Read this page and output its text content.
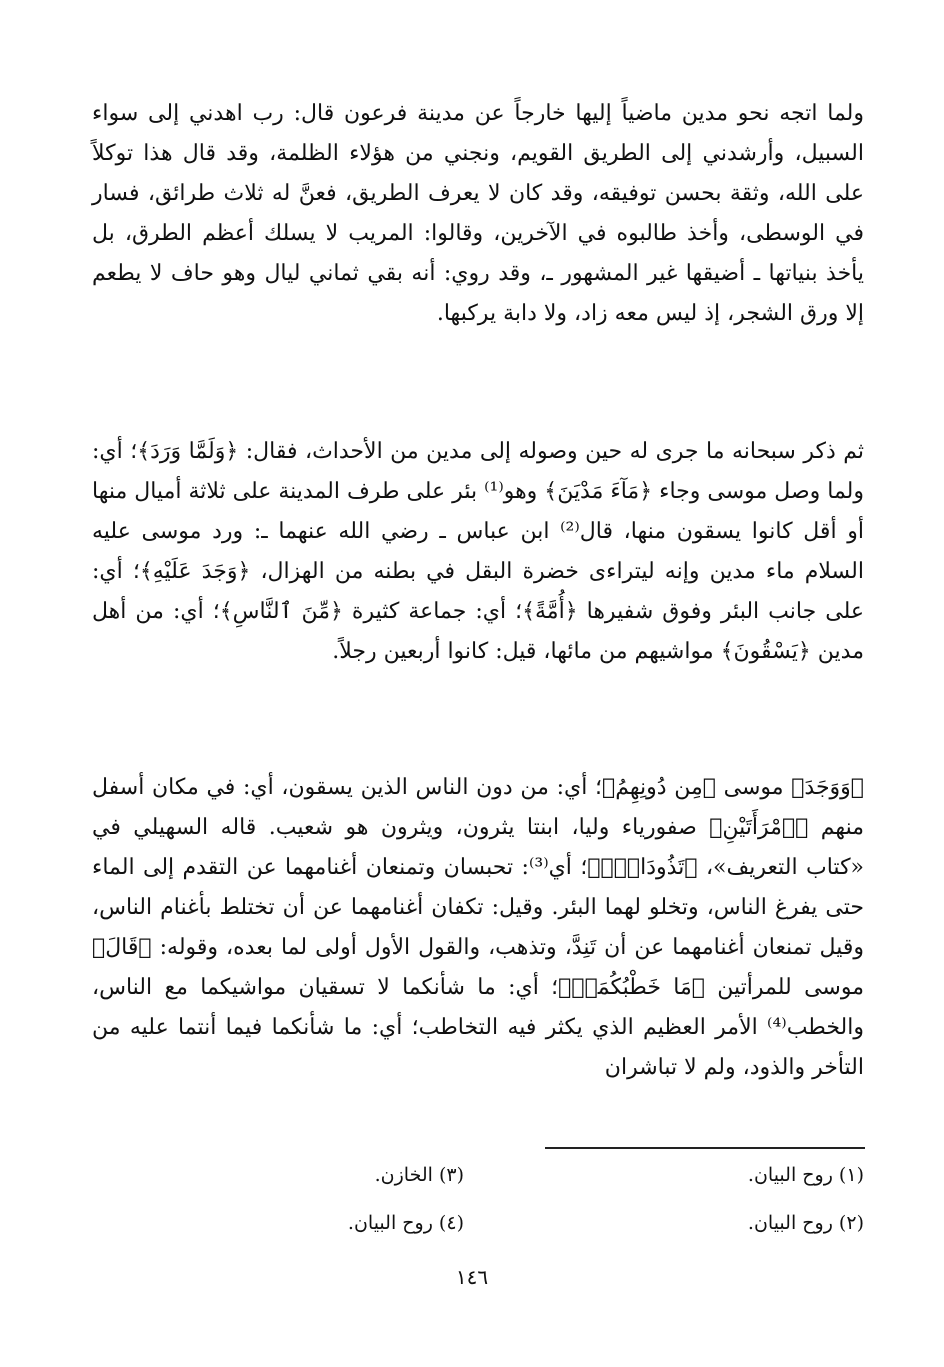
ولما اتجه نحو مدين ماضياً إليها خارجاً عن مدينة فرعون قال: رب اهدني إلى سواء السبيل، وأرشدني إلى الطريق القويم، ونجني من هؤلاء الظلمة، وقد قال هذا توكلاً على الله، وثقة بحسن توفيقه، وقد كان لا يعرف الطريق، فعنَّ له ثلاث طرائق، فسار في الوسطى، وأخذ طالبوه في الآخرين، وقالوا: المريب لا يسلك أعظم الطرق، بل يأخذ بنياتها ـ أضيقها غير المشهور ـ، وقد روي: أنه بقي ثماني ليال وهو حاف لا يطعم إلا ورق الشجر، إذ ليس معه زاد، ولا دابة يركبها.

ثم ذكر سبحانه ما جرى له حين وصوله إلى مدين من الأحداث، فقال: ﴿وَلَمَّا وَرَدَ﴾؛ أي: ولما وصل موسى وجاء ﴿مَآءَ مَدْيَنَ﴾ وهو⁽¹⁾ بئر على طرف المدينة على ثلاثة أميال منها أو أقل كانوا يسقون منها، قال⁽²⁾ ابن عباس ـ رضي الله عنهما ـ: ورد موسى عليه السلام ماء مدين وإنه ليتراءى خضرة البقل في بطنه من الهزال، ﴿وَجَدَ عَلَيْهِ﴾؛ أي: على جانب البئر وفوق شفيرها ﴿أُمَّةً﴾؛ أي: جماعة كثيرة ﴿مِّنَ ٱلنَّاسِ﴾؛ أي: من أهل مدين ﴿يَسْقُونَ﴾ مواشيهم من مائها، قيل: كانوا أربعين رجلاً.

﴿وَوَجَدَ﴾ موسى ﴿مِن دُونِهِمُ﴾؛ أي: من دون الناس الذين يسقون، أي: في مكان أسفل منهم ﴿ٱمْرَأَتَيْنِ﴾ صفورياء وليا، ابنتا يثرون، ويثرون هو شعيب. قاله السهيلي في «كتاب التعريف»، ﴿تَذُودَانِۖ﴾؛ أي⁽³⁾: تحبسان وتمنعان أغنامهما عن التقدم إلى الماء حتى يفرغ الناس، وتخلو لهما البئر. وقيل: تكفان أغنامهما عن أن تختلط بأغنام الناس، وقيل تمنعان أغنامهما عن أن تَنِدَّ، وتذهب، والقول الأول أولى لما بعده، وقوله: ﴿قَالَ﴾ موسى للمرأتين ﴿مَا خَطْبُكُمَاۖ﴾؛ أي: ما شأنكما لا تسقيان مواشيكما مع الناس، والخطب⁽⁴⁾ الأمر العظيم الذي يكثر فيه التخاطب؛ أي: ما شأنكما فيما أنتما عليه من التأخر والذود، ولم لا تباشران

(١) روح البيان.
(٢) روح البيان.
(٣) الخازن.
(٤) روح البيان.
١٤٦
